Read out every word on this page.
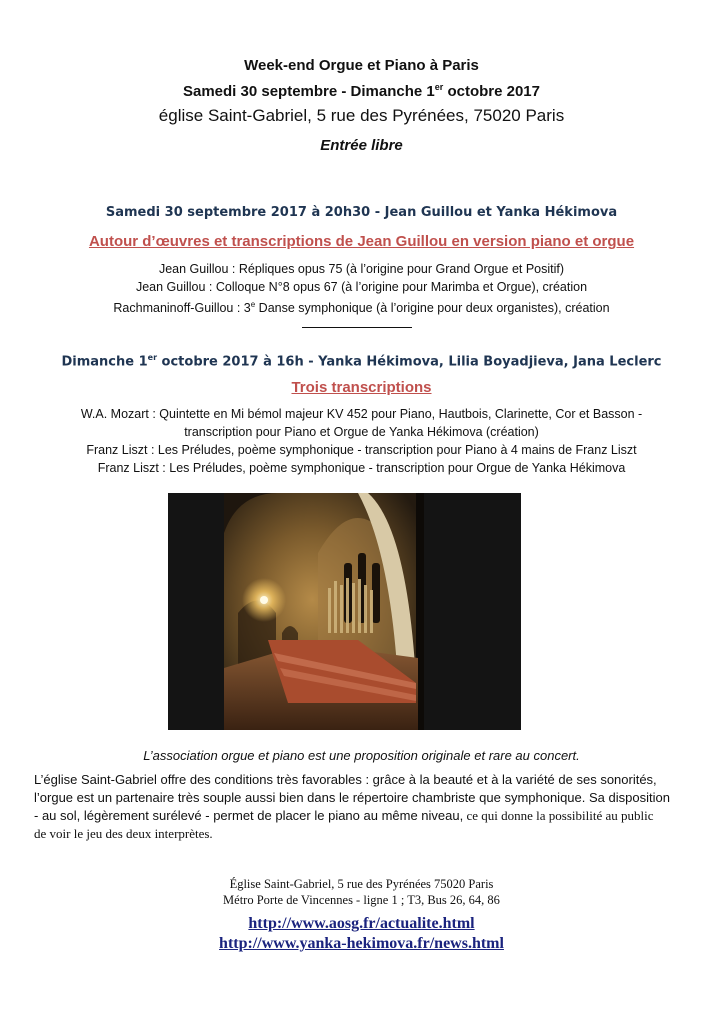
Week-end Orgue et Piano à Paris
Samedi 30 septembre - Dimanche 1er octobre 2017
église Saint-Gabriel, 5 rue des Pyrénées, 75020 Paris
Entrée libre
Samedi 30 septembre 2017 à 20h30 - Jean Guillou et Yanka Hékimova
Autour d’œuvres et transcriptions de Jean Guillou en version piano et orgue
Jean Guillou : Répliques opus 75 (à l’origine pour Grand Orgue et Positif)
Jean Guillou : Colloque N°8 opus 67 (à l’origine pour Marimba et Orgue), création
Rachmaninoff-Guillou : 3e Danse symphonique (à l’origine pour deux organistes), création
Dimanche 1er octobre 2017 à 16h - Yanka Hékimova, Lilia Boyadjieva, Jana Leclerc
Trois transcriptions
W.A. Mozart : Quintette en Mi bémol majeur KV 452 pour Piano, Hautbois, Clarinette, Cor et Basson -
transcription pour Piano et Orgue de Yanka Hékimova (création)
Franz Liszt : Les Préludes, poème symphonique - transcription pour Piano à 4 mains de Franz Liszt
Franz Liszt : Les Préludes, poème symphonique - transcription pour Orgue de Yanka Hékimova
L’association orgue et piano est une proposition originale et rare au concert.
L’église Saint-Gabriel offre des conditions très favorables : grâce à la beauté et à la variété de ses sonorités,
l’orgue est un partenaire très souple aussi bien dans le répertoire chambriste que symphonique. Sa disposition
- au sol, légèrement surélevé - permet de placer le piano au même niveau, ce qui donne la possibilité au public
de voir le jeu des deux interprètes.
Église Saint-Gabriel, 5 rue des Pyrénées 75020 Paris
Métro Porte de Vincennes - ligne 1 ; T3, Bus 26, 64, 86
http://www.aosg.fr/actualite.html
http://www.yanka-hekimova.fr/news.html
